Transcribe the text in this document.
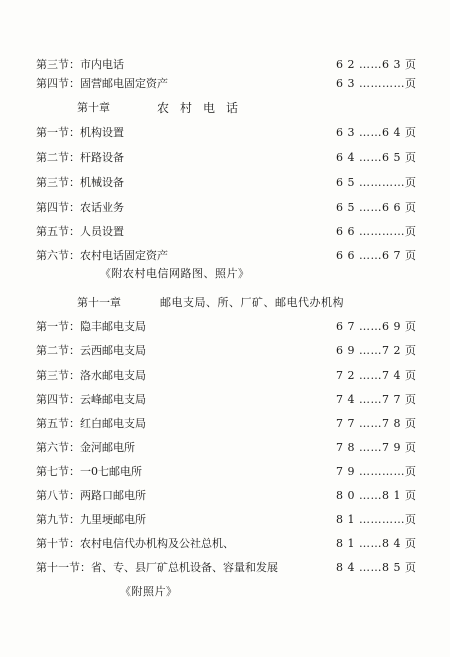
第三节：市内电话	6 2 ……6 3 页
第四节：固营邮电固定资产	6 3 …………页
第十章	农村电话
第一节：机构设置	6 3 ……6 4 页
第二节：杆路设备	6 4 ……6 5 页
第三节：机械设备	6 5 …………页
第四节：农话业务	6 5 ……6 6 页
第五节：人员设置	6 6 …………页
第六节：农村电话固定资产	6 6 ……6 7 页
《附农村电信网路图、照片》
第十一章	邮电支局、所、厂矿、邮电代办机构
第一节：隐丰邮电支局	6 7 ……6 9 页
第二节：云西邮电支局	6 9 ……7 2 页
第三节：洛水邮电支局	7 2 ……7 4 页
第四节：云峰邮电支局	7 4 ……7 7 页
第五节：红白邮电支局	7 7 ……7 8 页
第六节：金河邮电所	7 8 ……7 9 页
第七节：一0七邮电所	7 9 …………页
第八节：两路口邮电所	8 0 ……8 1 页
第九节：九里埂邮电所	8 1 …………页
第十节：农村电信代办机构及公社总机、	8 1 ……8 4 页
第十一节：省、专、县厂矿总机设备、容量和发展	8 4 ……8 5 页
《附照片》
